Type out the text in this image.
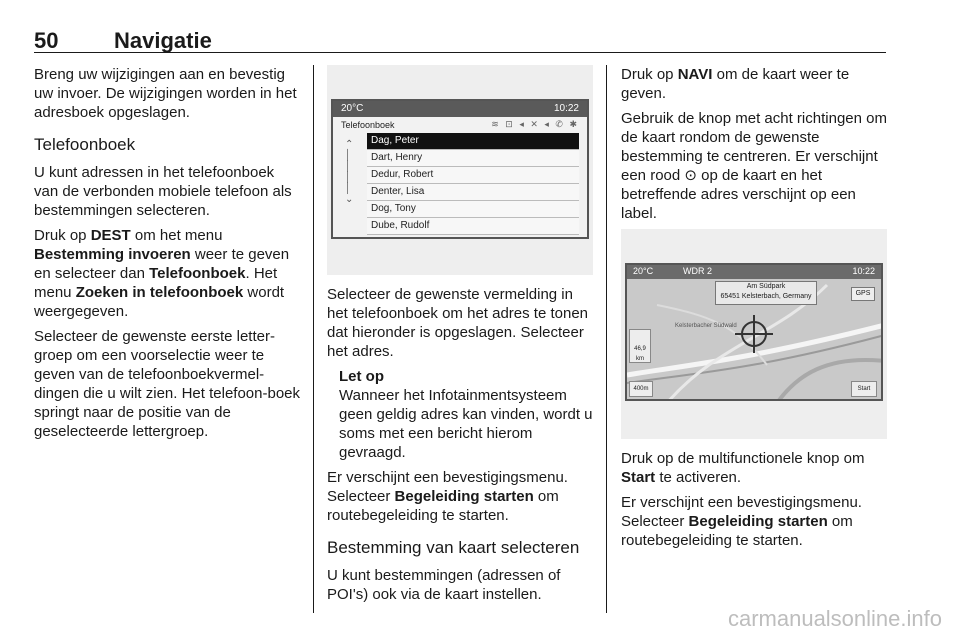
50	Navigatie

Breng uw wijzigingen aan en bevestig uw invoer. De wijzigingen worden in het adresboek opgeslagen.

Telefoonboek

U kunt adressen in het telefoonboek van de verbonden mobiele telefoon als bestemmingen selecteren.

Druk op DEST om het menu Bestemming invoeren weer te geven en selecteer dan Telefoonboek. Het menu Zoeken in telefoonboek wordt weergegeven.

Selecteer de gewenste eerste letter-groep om een voorselectie weer te geven van de telefoonboekvermel-dingen die u wilt zien. Het telefoon-boek springt naar de positie van de geselecteerde lettergroep.

20°C	10:22
Telefoonboek	≋ ⊡ ◂ ✕ ◂ ✆ ✱
⌃
│
│
│
│
⌄
Dag, Peter
Dart, Henry
Dedur, Robert
Denter, Lisa
Dog, Tony
Dube, Rudolf

Selecteer de gewenste vermelding in het telefoonboek om het adres te tonen dat hieronder is opgeslagen. Selecteer het adres.

Let op

Wanneer het Infotainmentsysteem geen geldig adres kan vinden, wordt u soms met een bericht hierom gevraagd.

Er verschijnt een bevestigingsmenu. Selecteer Begeleiding starten om routebegeleiding te starten.

Bestemming van kaart selecteren

U kunt bestemmingen (adressen of POI's) ook via de kaart instellen.

Druk op NAVI om de kaart weer te geven.

Gebruik de knop met acht richtingen om de kaart rondom de gewenste bestemming te centreren. Er verschijnt een rood ⊙ op de kaart en het betreffende adres verschijnt op een label.

20°C	WDR 2	10:22
Am Südpark
65451 Kelsterbach, Germany	GPS
Kelsterbacher Südwald
46,9 km
400m	Start

Druk op de multifunctionele knop om Start te activeren.

Er verschijnt een bevestigingsmenu. Selecteer Begeleiding starten om routebegeleiding te starten.

carmanualsonline.info
